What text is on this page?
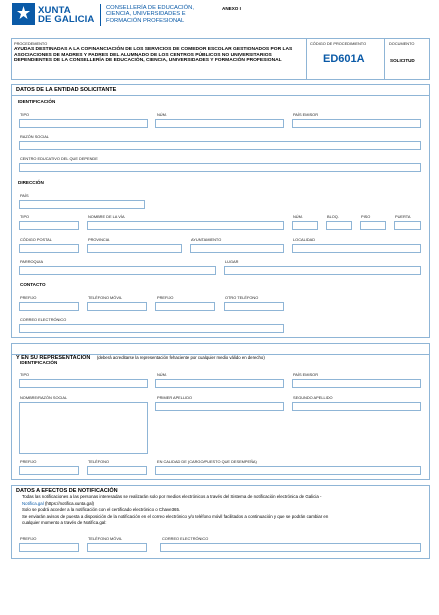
XUNTA
DE GALICIA
CONSELLERÍA DE EDUCACIÓN,
CIENCIA, UNIVERSIDADES E
FORMACIÓN PROFESIONAL
ANEXO I
PROCEDEMENTO
AYUDAS DESTINADAS A LA COFINANCIACIÓN DE LOS SERVICIOS DE COMEDOR ESCOLAR GESTIONADOS POR LAS ASOCIACIONES DE MADRES Y PADRES DEL ALUMNADO DE LOS CENTROS PÚBLICOS NO UNIVERSITARIOS DEPENDIENTES DE LA CONSELLERÍA DE EDUCACIÓN, CIENCIA, UNIVERSIDADES Y FORMACIÓN PROFESIONAL
CÓDIGO DE PROCEDIMIENTO
ED601A
DOCUMENTO
SOLICITUD
DATOS DE LA ENTIDAD SOLICITANTE
IDENTIFICACIÓN
TIPO	NÚM.	PAÍS EMISOR
RAZÓN SOCIAL
CENTRO EDUCATIVO DEL QUE DEPENDE
DIRECCIÓN
PAÍS
TIPO	NOMBRE DE LA VÍA	NÚM.	BLOQ.	PISO	PUERTA
CÓDIGO POSTAL	PROVINCIA	AYUNTAMIENTO	LOCALIDAD
PARROQUIA	LUGAR
CONTACTO
PREFIJO	TELÉFONO MÓVIL	PREFIJO	OTRO TELÉFONO
CORREO ELECTRÓNICO
Y EN SU REPRESENTACIÓN (deberá acreditarse la representación fehaciente por cualquier medio válido en derecho)
IDENTIFICACIÓN
TIPO	NÚM.	PAÍS EMISOR
NOMBRE/RAZÓN SOCIAL	PRIMER APELLIDO	SEGUNDO APELLIDO
PREFIJO	TELÉFONO	EN CALIDAD DE (CARGO/PUESTO QUE DESEMPEÑA)
DATOS A EFECTOS DE NOTIFICACIÓN
Todas las notificaciones a las personas interesadas se realizarán solo por medios electrónicos a través del Sistema de notificación electrónica de Galicia -
Notifica.gal (https://notifica.xunta.gal)
Solo se podrá acceder a la notificación con el certificado electrónico o Chave365.
Se enviarán avisos de puesta a disposición de la notificación en el correo electrónico y/o teléfono móvil facilitados a continuación y que se podrán cambiar en
cualquier momento a través de Notifica.gal:
PREFIJO	TELÉFONO MÓVIL	CORREO ELECTRÓNICO
